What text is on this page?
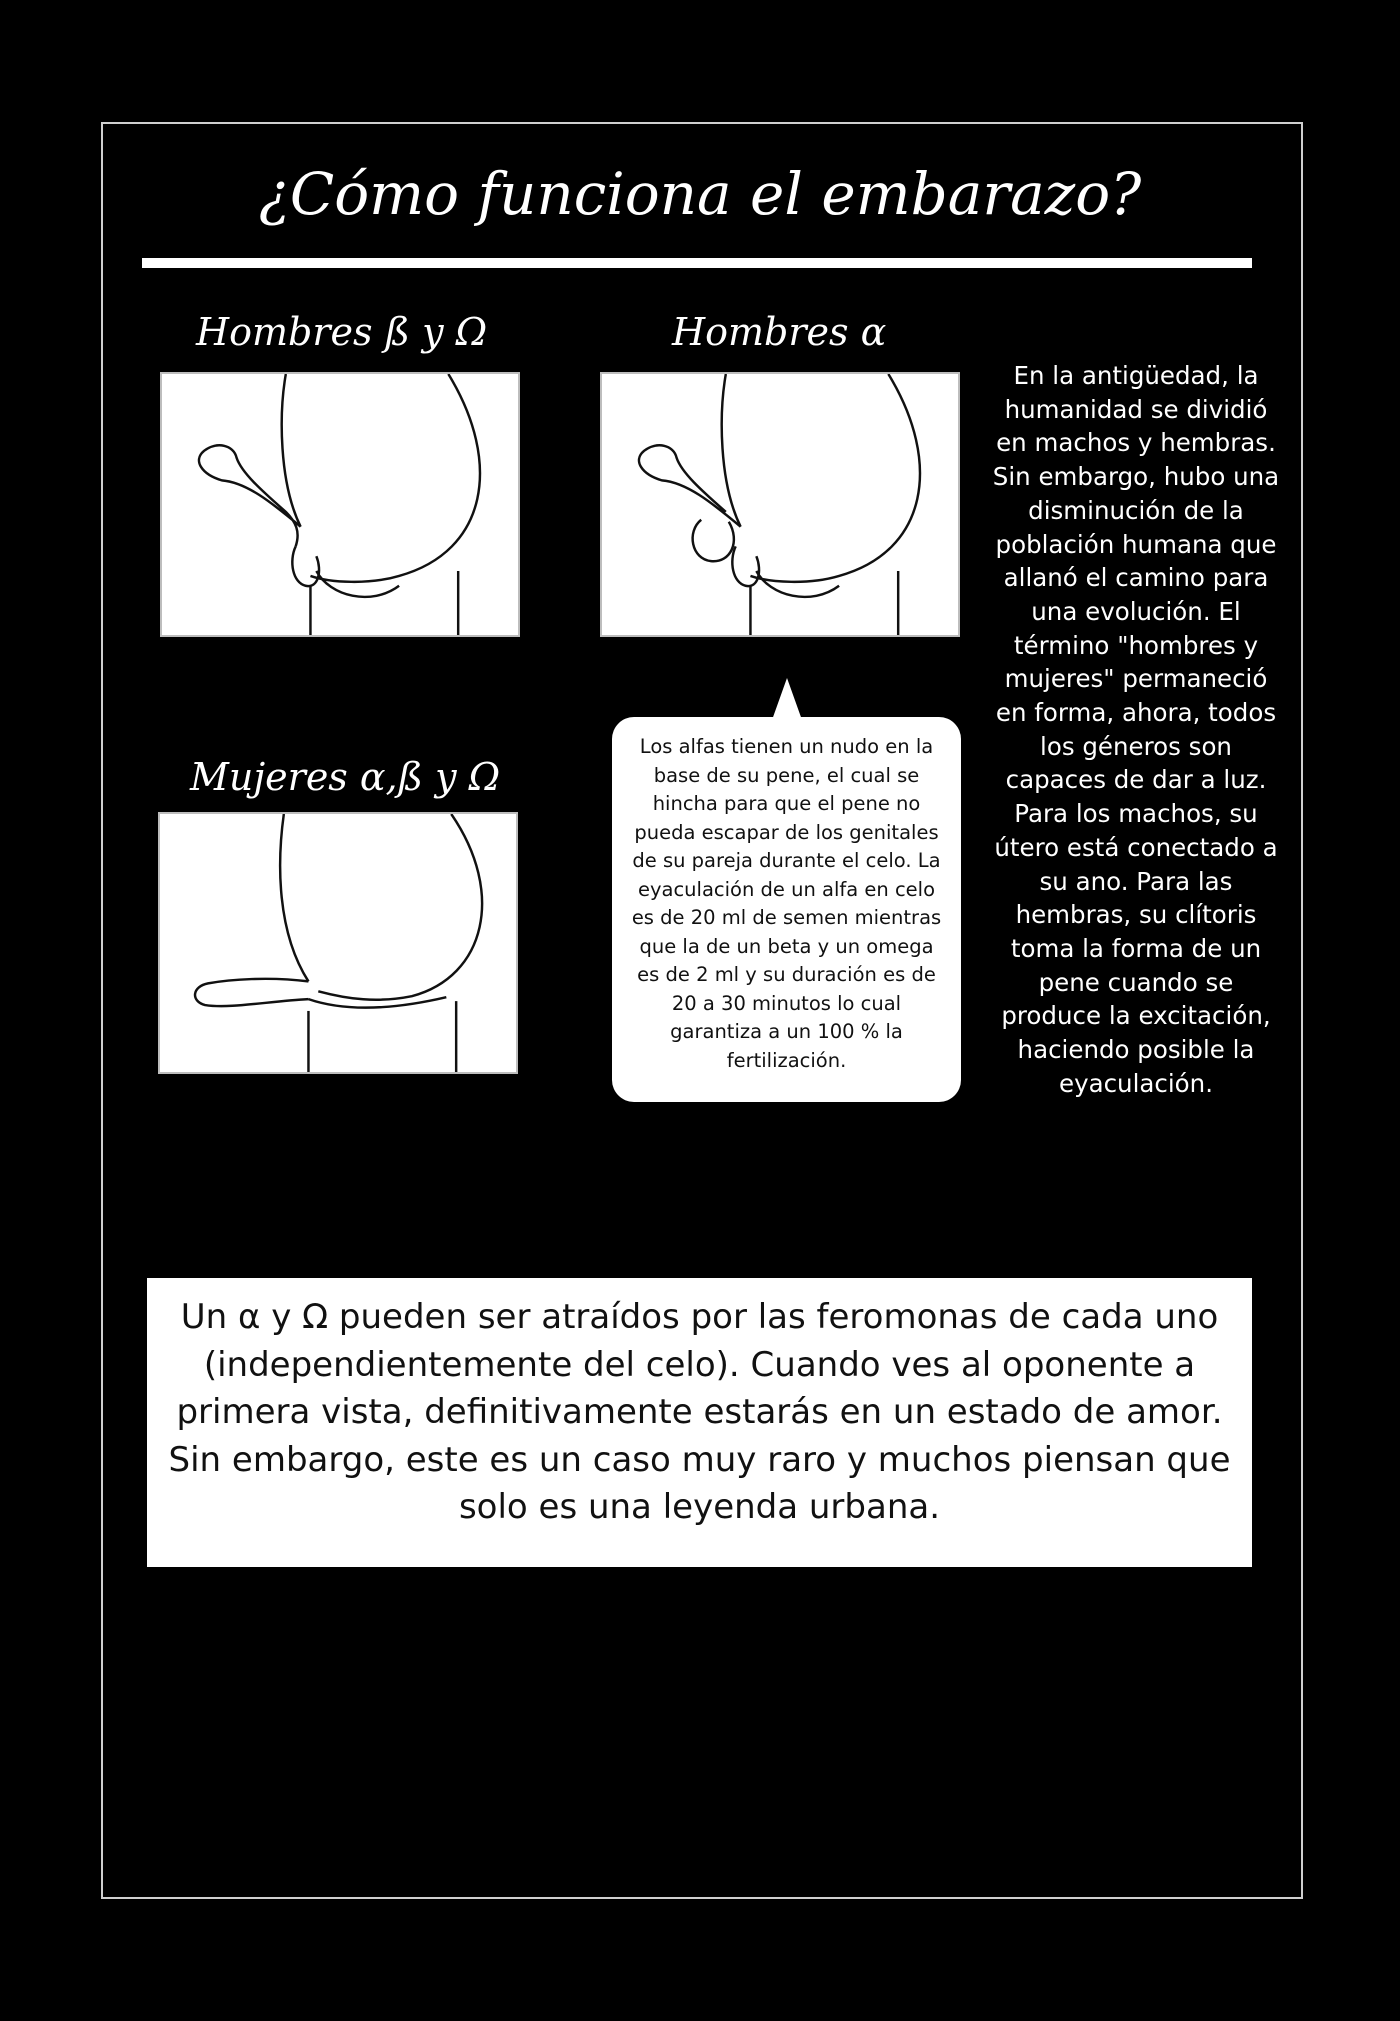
¿Cómo funciona el embarazo?
Hombres ß y Ω	Hombres α
Mujeres α,ß y Ω
Los alfas tienen un nudo en la base de su pene, el cual se hincha para que el pene no pueda escapar de los genitales de su pareja durante el celo. La eyaculación de un alfa en celo es de 20 ml de semen mientras que la de un beta y un omega es de 2 ml y su duración es de 20 a 30 minutos lo cual garantiza a un 100 % la fertilización.
En la antigüedad, la humanidad se dividió en machos y hembras. Sin embargo, hubo una disminución de la población humana que allanó el camino para una evolución. El término "hombres y mujeres" permaneció en forma, ahora, todos los géneros son capaces de dar a luz. Para los machos, su útero está conectado a su ano. Para las hembras, su clítoris toma la forma de un pene cuando se produce la excitación, haciendo posible la eyaculación.
Un α y Ω pueden ser atraídos por las feromonas de cada uno (independientemente del celo). Cuando ves al oponente a primera vista, definitivamente estarás en un estado de amor. Sin embargo, este es un caso muy raro y muchos piensan que solo es una leyenda urbana.
